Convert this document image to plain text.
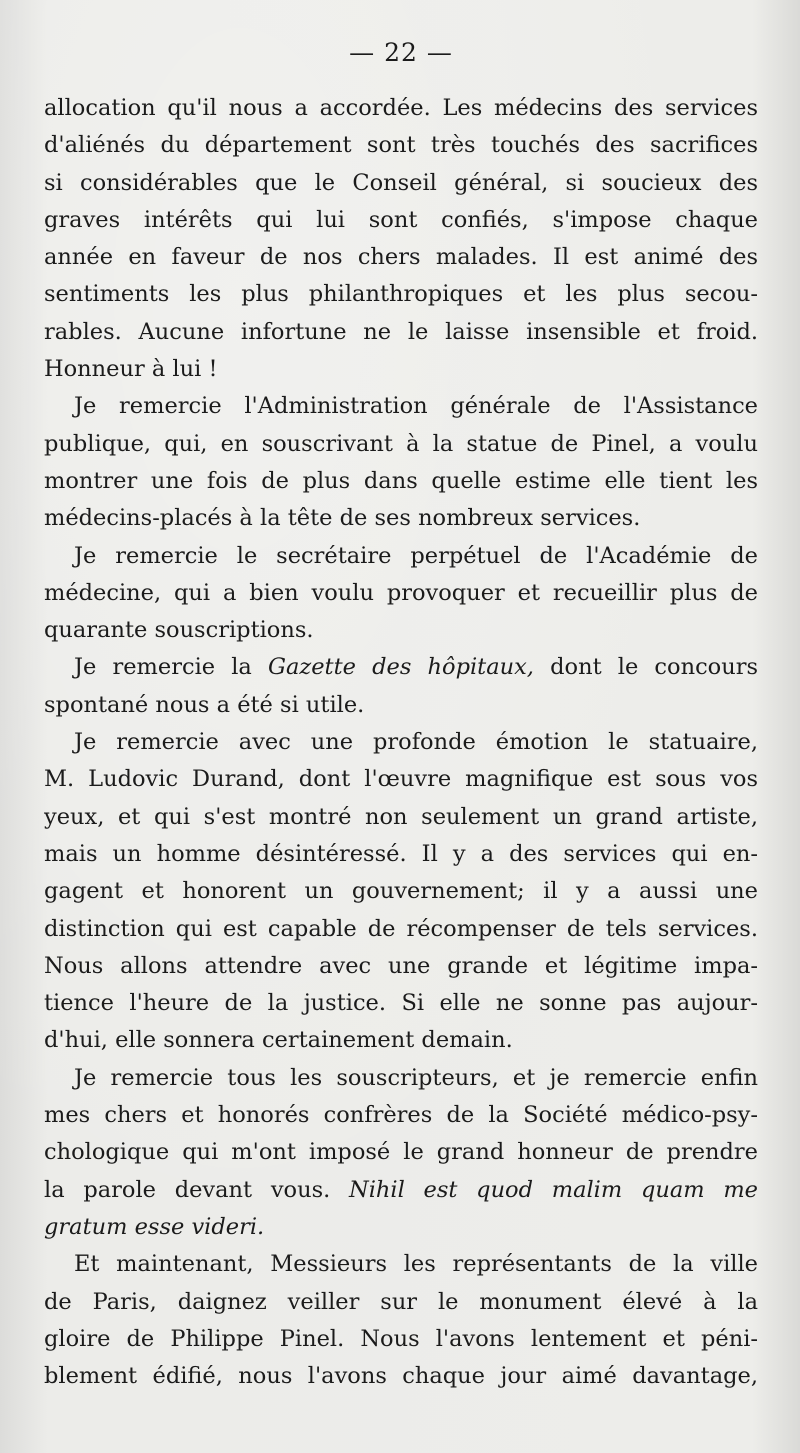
— 22 —
allocation qu'il nous a accordée. Les médecins des services
d'aliénés du département sont très touchés des sacrifices
si considérables que le Conseil général, si soucieux des
graves intérêts qui lui sont confiés, s'impose chaque
année en faveur de nos chers malades. Il est animé des
sentiments les plus philanthropiques et les plus secou-
rables. Aucune infortune ne le laisse insensible et froid.
Honneur à lui !
Je remercie l'Administration générale de l'Assistance
publique, qui, en souscrivant à la statue de Pinel, a voulu
montrer une fois de plus dans quelle estime elle tient les
médecins-placés à la tête de ses nombreux services.
Je remercie le secrétaire perpétuel de l'Académie de
médecine, qui a bien voulu provoquer et recueillir plus de
quarante souscriptions.
Je remercie la Gazette des hôpitaux, dont le concours
spontané nous a été si utile.
Je remercie avec une profonde émotion le statuaire,
M. Ludovic Durand, dont l'œuvre magnifique est sous vos
yeux, et qui s'est montré non seulement un grand artiste,
mais un homme désintéressé. Il y a des services qui en-
gagent et honorent un gouvernement; il y a aussi une
distinction qui est capable de récompenser de tels services.
Nous allons attendre avec une grande et légitime impa-
tience l'heure de la justice. Si elle ne sonne pas aujour-
d'hui, elle sonnera certainement demain.
Je remercie tous les souscripteurs, et je remercie enfin
mes chers et honorés confrères de la Société médico-psy-
chologique qui m'ont imposé le grand honneur de prendre
la parole devant vous. Nihil est quod malim quam me
gratum esse videri.
Et maintenant, Messieurs les représentants de la ville
de Paris, daignez veiller sur le monument élevé à la
gloire de Philippe Pinel. Nous l'avons lentement et péni-
blement édifié, nous l'avons chaque jour aimé davantage,
